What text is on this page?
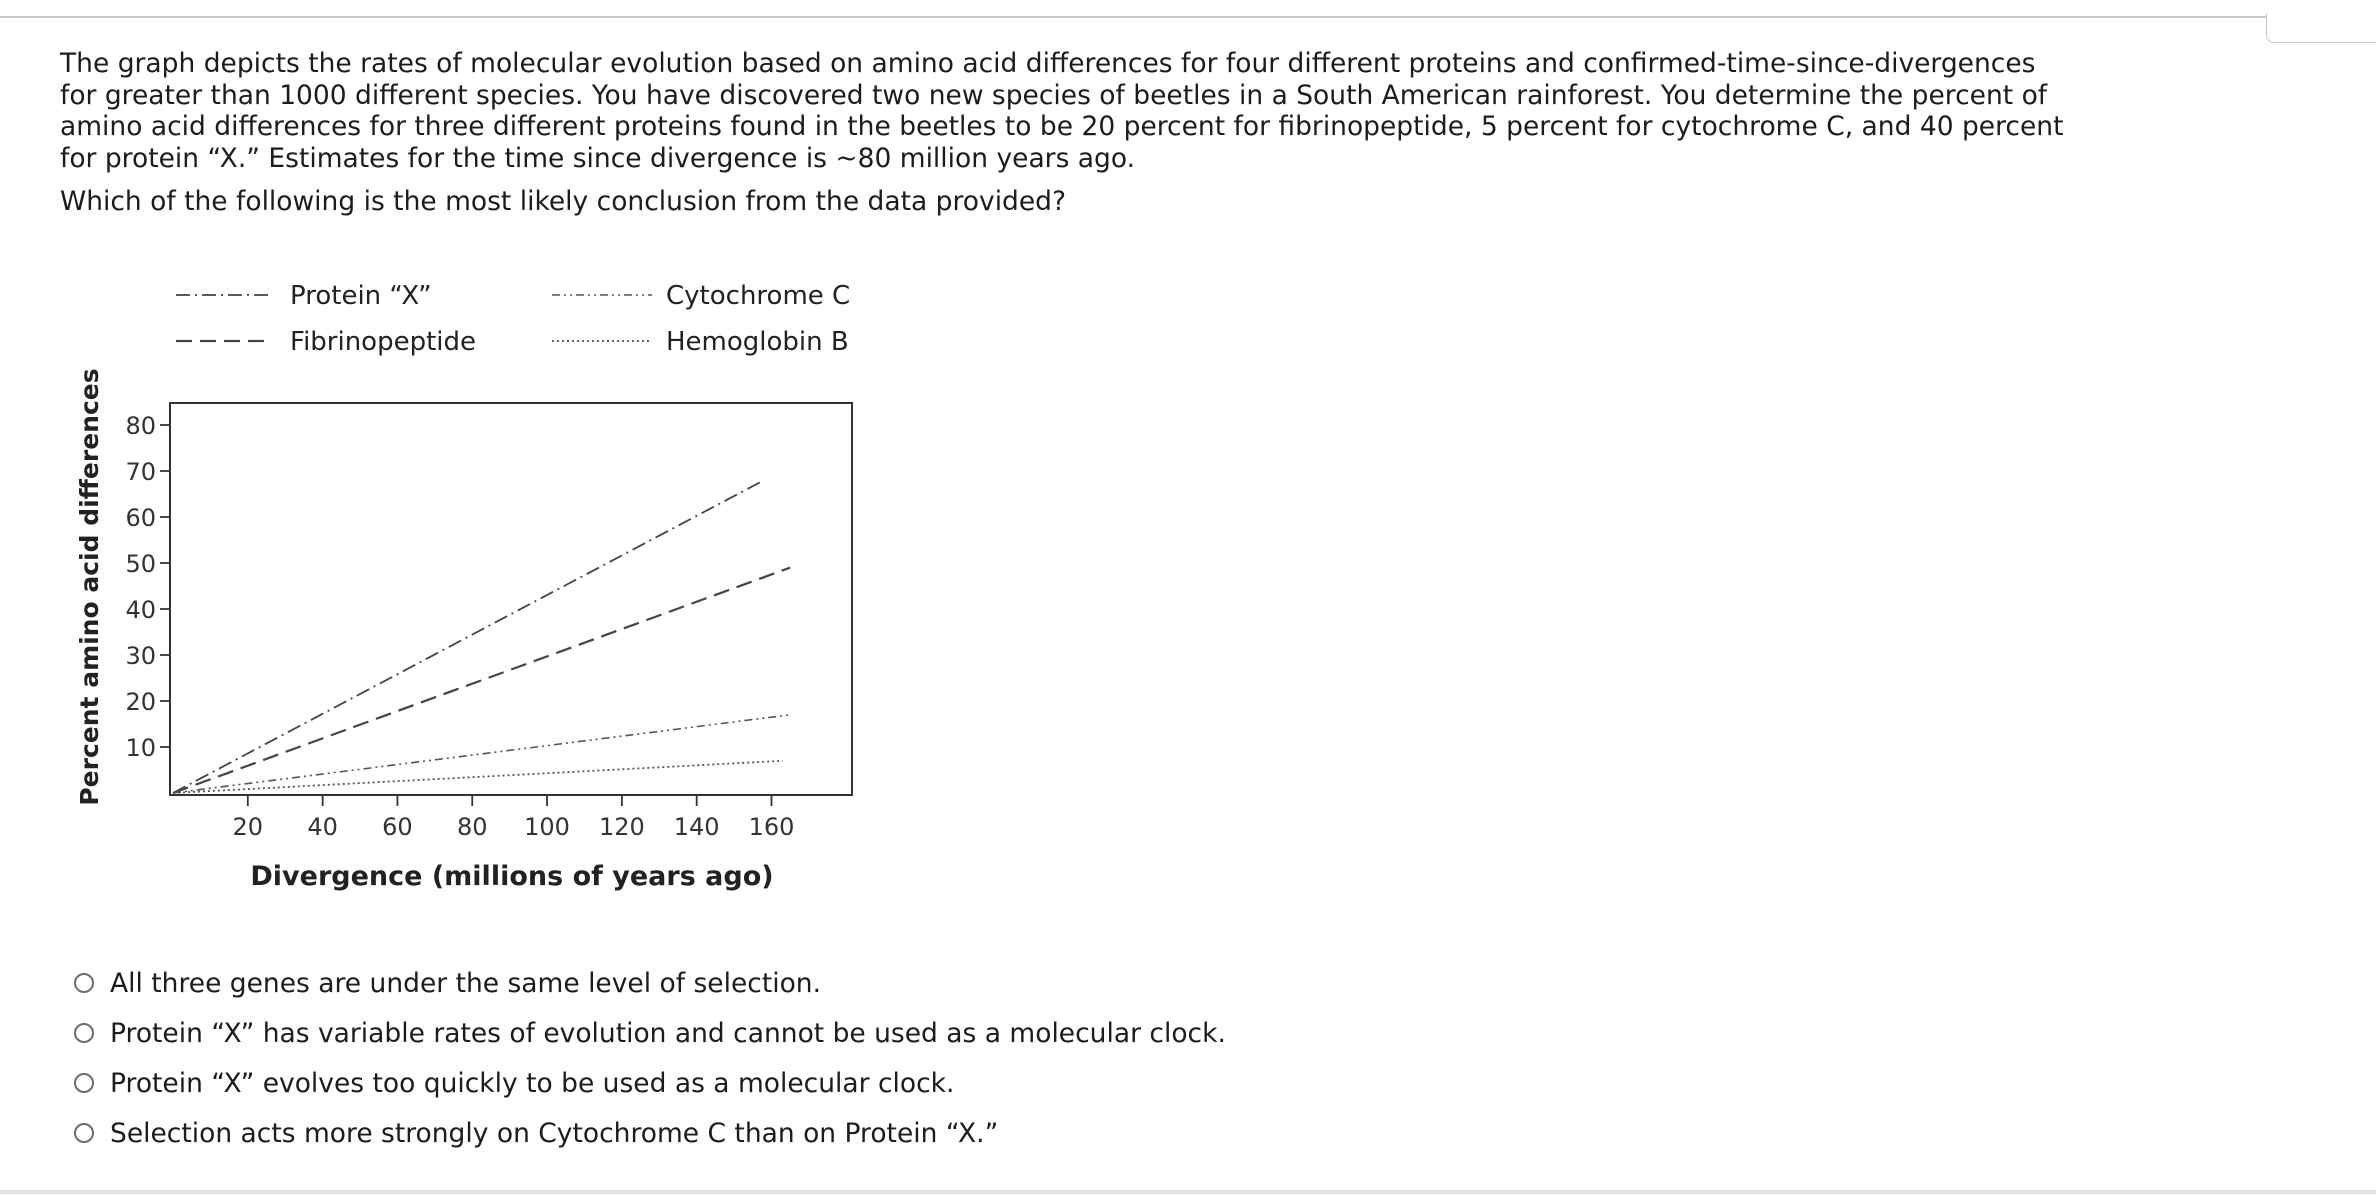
The graph depicts the rates of molecular evolution based on amino acid differences for four different proteins and confirmed-time-since-divergences for greater than 1000 different species. You have discovered two new species of beetles in a South American rainforest. You determine the percent of amino acid differences for three different proteins found in the beetles to be 20 percent for fibrinopeptide, 5 percent for cytochrome C, and 40 percent for protein “X.” Estimates for the time since divergence is ~80 million years ago.

Which of the following is the most likely conclusion from the data provided?

Protein “X”
Fibrinopeptide
Cytochrome C
Hemoglobin B
10
20
30
40
50
60
70
80
20 40 60 80 100 120 140 160
Divergence (millions of years ago)
Percent amino acid differences
All three genes are under the same level of selection.
Protein “X” has variable rates of evolution and cannot be used as a molecular clock.
Protein “X” evolves too quickly to be used as a molecular clock.
Selection acts more strongly on Cytochrome C than on Protein “X.”
